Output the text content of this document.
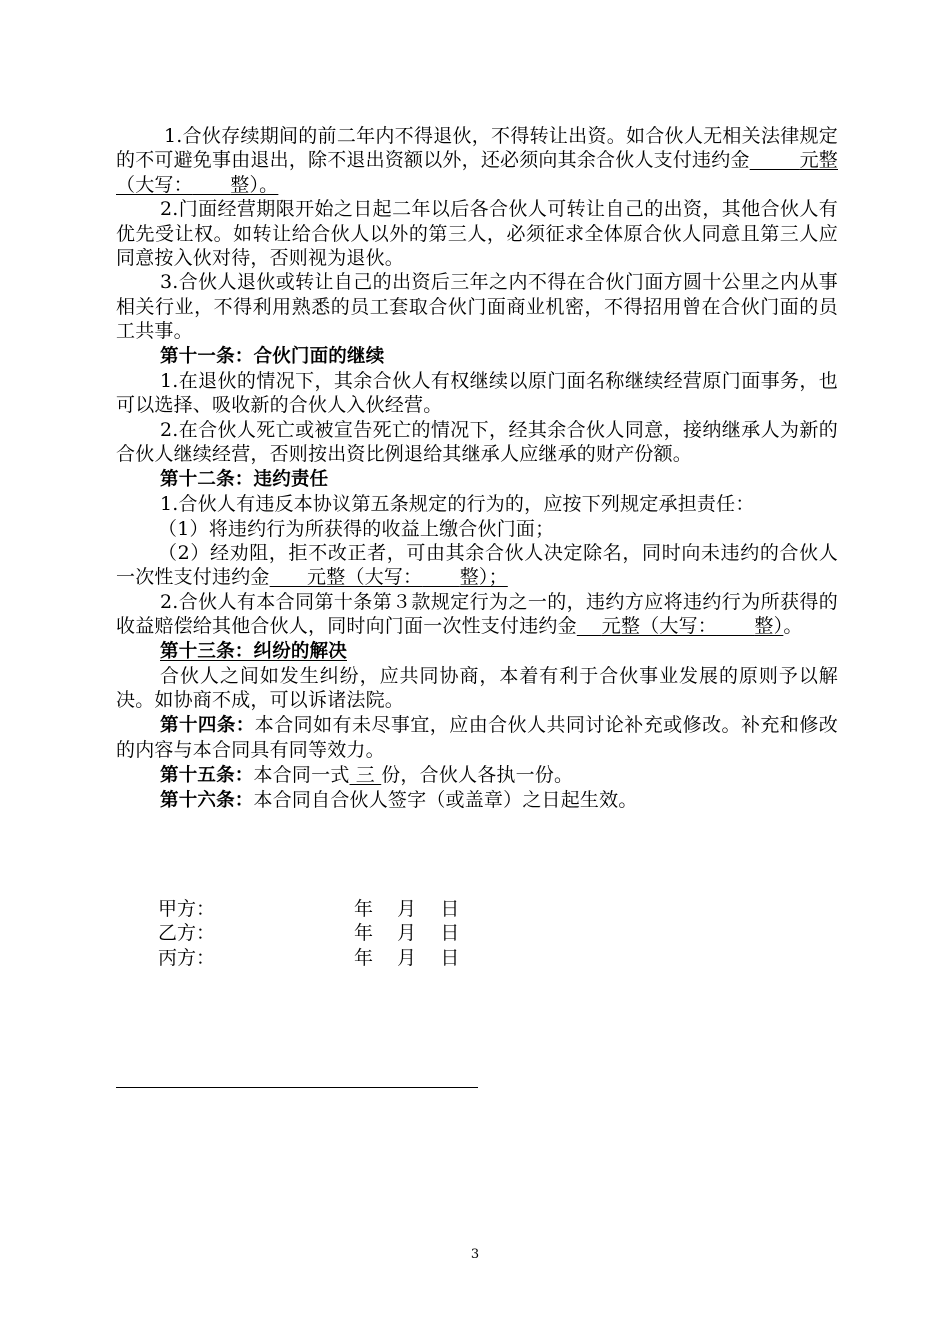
1.合伙存续期间的前二年内不得退伙，不得转让出资。如合伙人无相关法律规定的不可避免事由退出，除不退出资额以外，还必须向其余合伙人支付违约金	元整（大写： 整）。

2.门面经营期限开始之日起二年以后各合伙人可转让自己的出资，其他合伙人有优先受让权。如转让给合伙人以外的第三人，必须征求全体原合伙人同意且第三人应同意按入伙对待，否则视为退伙。

3.合伙人退伙或转让自己的出资后三年之内不得在合伙门面方圆十公里之内从事相关行业，不得利用熟悉的员工套取合伙门面商业机密，不得招用曾在合伙门面的员工共事。

第十一条：合伙门面的继续

1.在退伙的情况下，其余合伙人有权继续以原门面名称继续经营原门面事务，也可以选择、吸收新的合伙人入伙经营。

2.在合伙人死亡或被宣告死亡的情况下，经其余合伙人同意，接纳继承人为新的合伙人继续经营，否则按出资比例退给其继承人应继承的财产份额。

第十二条：违约责任

1.合伙人有违反本协议第五条规定的行为的，应按下列规定承担责任：

（1）将违约行为所获得的收益上缴合伙门面；

（2）经劝阻，拒不改正者，可由其余合伙人决定除名，同时向未违约的合伙人一次性支付违约金 元整（大写： 整）；

2.合伙人有本合同第十条第３款规定行为之一的，违约方应将违约行为所获得的收益赔偿给其他合伙人，同时向门面一次性支付违约金 元整（大写： 整）。

第十三条：纠纷的解决

合伙人之间如发生纠纷，应共同协商，本着有利于合伙事业发展的原则予以解决。如协商不成，可以诉诸法院。

第十四条：本合同如有未尽事宜，应由合伙人共同讨论补充或修改。补充和修改的内容与本合同具有同等效力。

第十五条：本合同一式 三 份，合伙人各执一份。

第十六条：本合同自合伙人签字（或盖章）之日起生效。

甲方：	年    月    日
乙方：	年    月    日
丙方：	年    月    日
3
